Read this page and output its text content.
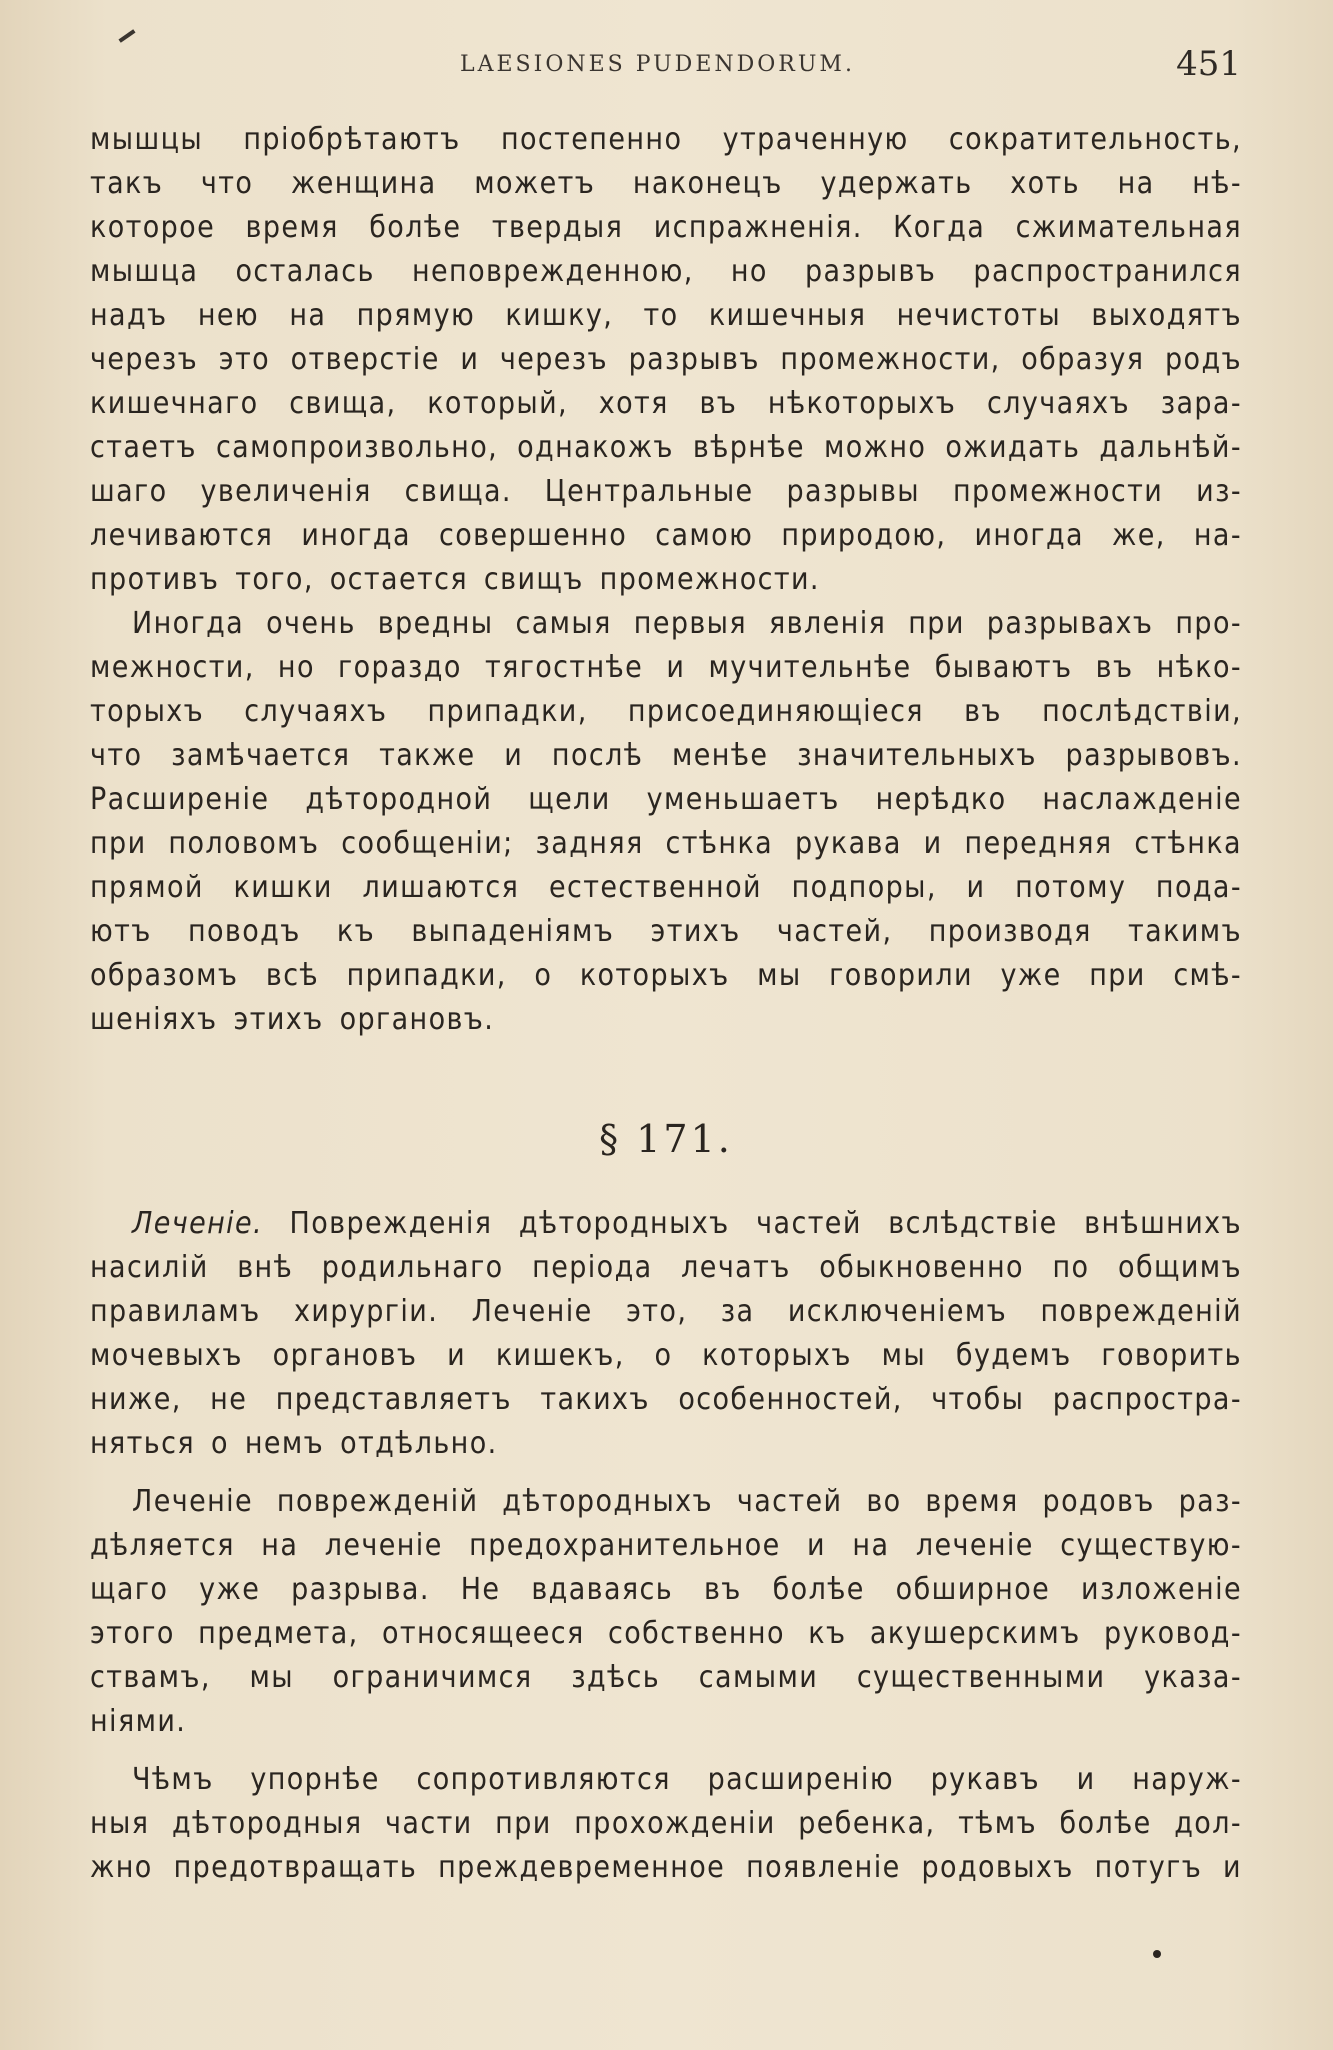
LAESIONES PUDENDORUM.	451

мышцы пріобрѣтаютъ постепенно утраченную сократительность,

такъ что женщина можетъ наконецъ удержать хоть на нѣ-

которое время болѣе твердыя испражненія. Когда сжимательная

мышца осталась неповрежденною, но разрывъ распространился

надъ нею на прямую кишку, то кишечныя нечистоты выходятъ

черезъ это отверстіе и черезъ разрывъ промежности, образуя родъ

кишечнаго свища, который, хотя въ нѣкоторыхъ случаяхъ зара-

стаетъ самопроизвольно, однакожъ вѣрнѣе можно ожидать дальнѣй-

шаго увеличенія свища. Центральные разрывы промежности из-

лечиваются иногда совершенно самою природою, иногда же, на-

противъ того, остается свищъ промежности.

Иногда очень вредны самыя первыя явленія при разрывахъ про-

межности, но гораздо тягостнѣе и мучительнѣе бываютъ въ нѣко-

торыхъ случаяхъ припадки, присоединяющіеся въ послѣдствіи,

что замѣчается также и послѣ менѣе значительныхъ разрывовъ.

Расширеніе дѣтородной щели уменьшаетъ нерѣдко наслажденіе

при половомъ сообщеніи; задняя стѣнка рукава и передняя стѣнка

прямой кишки лишаются естественной подпоры, и потому пода-

ютъ поводъ къ выпаденіямъ этихъ частей, производя такимъ

образомъ всѣ припадки, о которыхъ мы говорили уже при смѣ-

шеніяхъ этихъ органовъ.

§ 171.

Леченіе. Поврежденія дѣтородныхъ частей вслѣдствіе внѣшнихъ

насилій внѣ родильнаго періода лечатъ обыкновенно по общимъ

правиламъ хирургіи. Леченіе это, за исключеніемъ поврежденій

мочевыхъ органовъ и кишекъ, о которыхъ мы будемъ говорить

ниже, не представляетъ такихъ особенностей, чтобы распростра-

няться о немъ отдѣльно.

Леченіе поврежденій дѣтородныхъ частей во время родовъ раз-

дѣляется на леченіе предохранительное и на леченіе существую-

щаго уже разрыва. Не вдаваясь въ болѣе обширное изложеніе

этого предмета, относящееся собственно къ акушерскимъ руковод-

ствамъ, мы ограничимся здѣсь самыми существенными указа-

ніями.

Чѣмъ упорнѣе сопротивляются расширенію рукавъ и наруж-

ныя дѣтородныя части при прохожденіи ребенка, тѣмъ болѣе дол-

жно предотвращать преждевременное появленіе родовыхъ потугъ и
